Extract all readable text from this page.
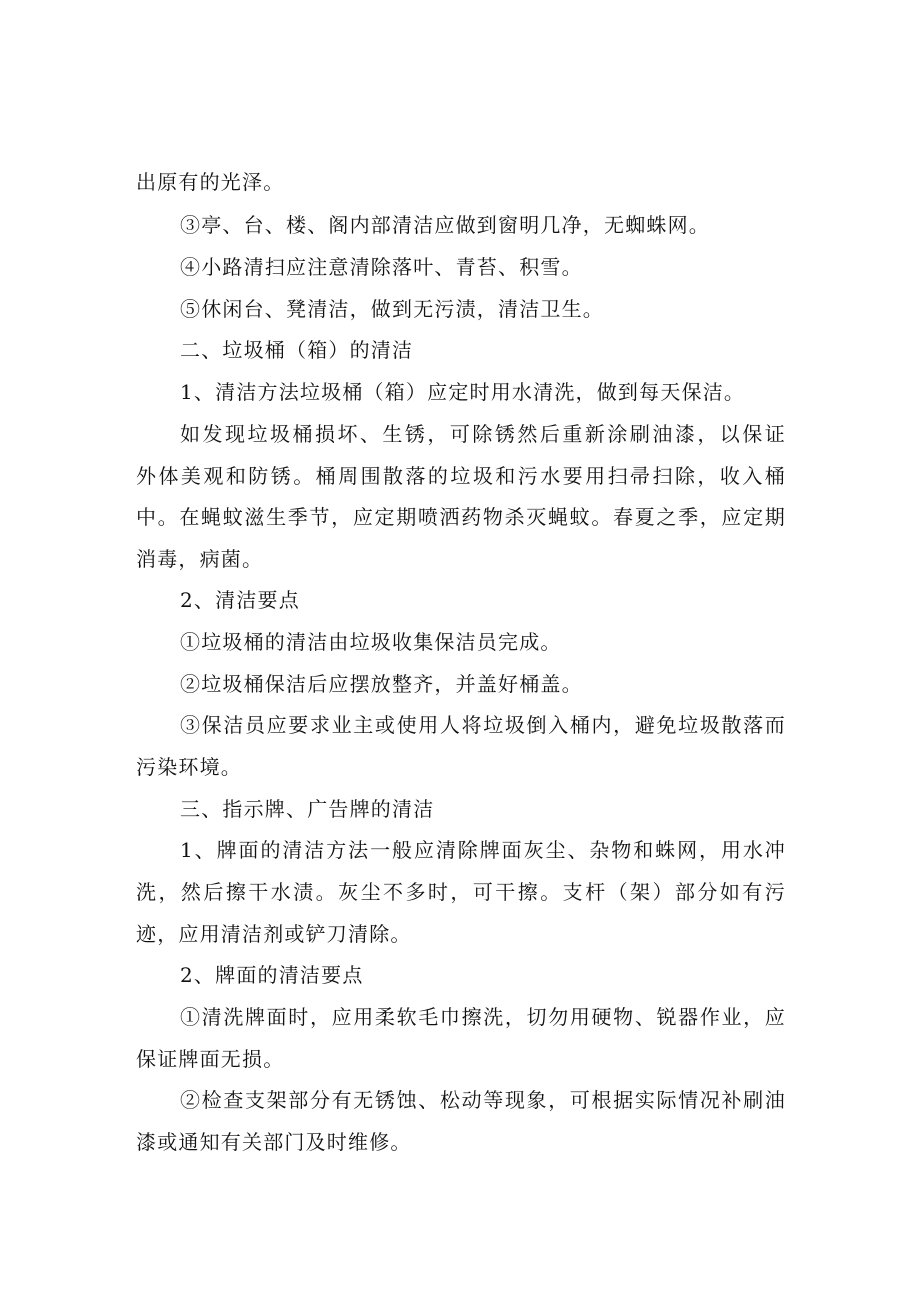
出原有的光泽。
③亭、台、楼、阁内部清洁应做到窗明几净，无蜘蛛网。
④小路清扫应注意清除落叶、青苔、积雪。
⑤休闲台、凳清洁，做到无污渍，清洁卫生。
二、垃圾桶（箱）的清洁
1、清洁方法垃圾桶（箱）应定时用水清洗，做到每天保洁。
如发现垃圾桶损坏、生锈，可除锈然后重新涂刷油漆，以保证
外体美观和防锈。桶周围散落的垃圾和污水要用扫帚扫除，收入桶
中。在蝇蚊滋生季节，应定期喷洒药物杀灭蝇蚊。春夏之季，应定期
消毒，病菌。
2、清洁要点
①垃圾桶的清洁由垃圾收集保洁员完成。
②垃圾桶保洁后应摆放整齐，并盖好桶盖。
③保洁员应要求业主或使用人将垃圾倒入桶内，避免垃圾散落而
污染环境。
三、指示牌、广告牌的清洁
1、牌面的清洁方法一般应清除牌面灰尘、杂物和蛛网，用水冲
洗，然后擦干水渍。灰尘不多时，可干擦。支杆（架）部分如有污
迹，应用清洁剂或铲刀清除。
2、牌面的清洁要点
①清洗牌面时，应用柔软毛巾擦洗，切勿用硬物、锐器作业，应
保证牌面无损。
②检查支架部分有无锈蚀、松动等现象，可根据实际情况补刷油
漆或通知有关部门及时维修。
